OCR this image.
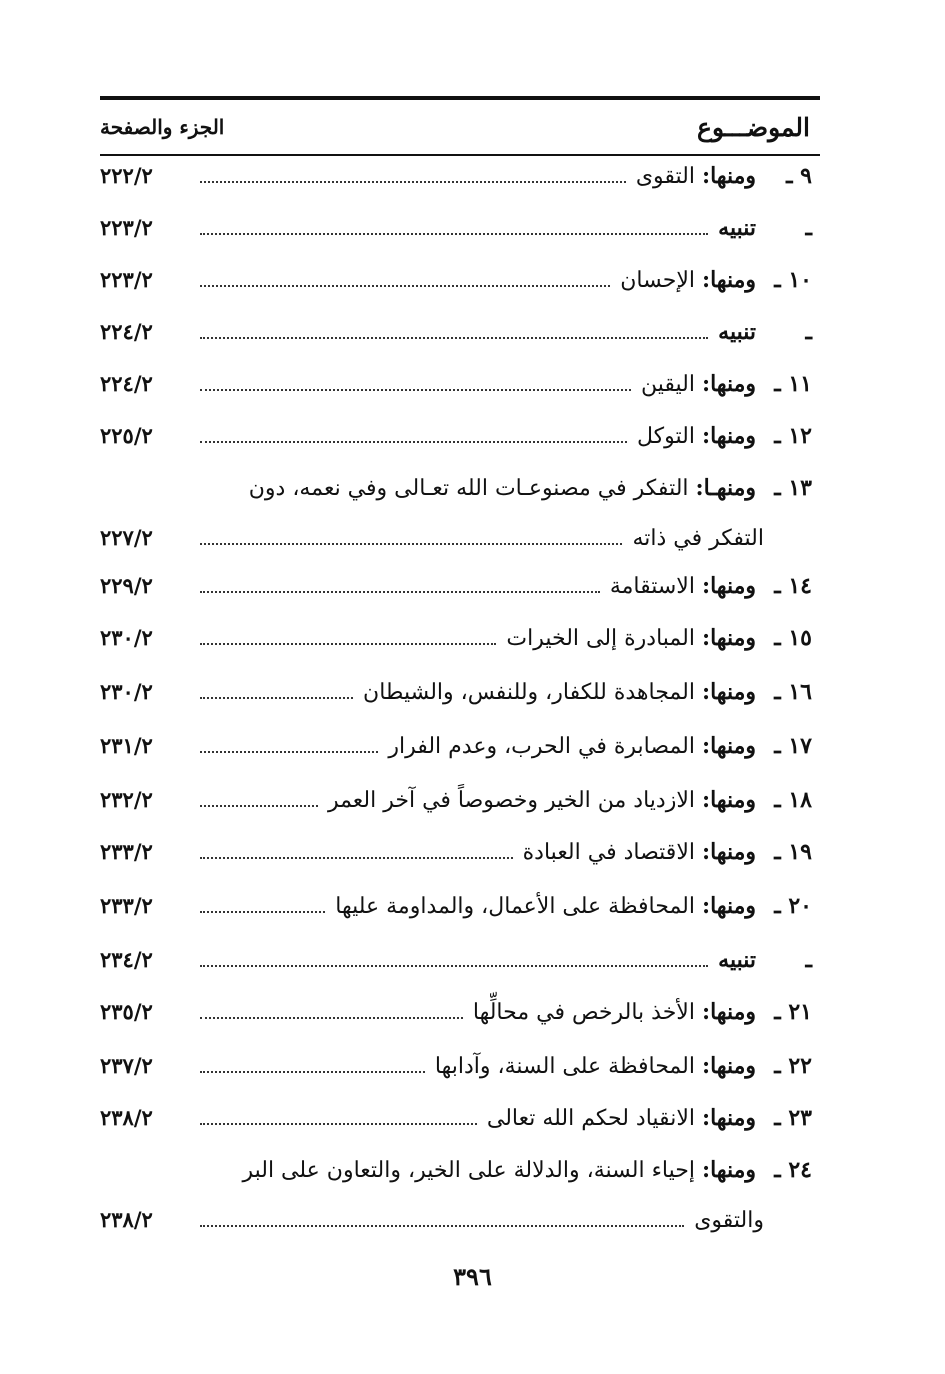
الموضـــوع
الجزء والصفحة
٩ ـ
ومنها: التقوى
٢٢٢/٢
ـ
تنبيه
٢٢٣/٢
١٠ ـ
ومنها: الإحسان
٢٢٣/٢
ـ
تنبيه
٢٢٤/٢
١١ ـ
ومنها: اليقين
٢٢٤/٢
١٢ ـ
ومنها: التوكل
٢٢٥/٢
١٣ ـومنهـا: التفكر في مصنوعـات الله تعـالى وفي نعمه، دون
التفكر في ذاته
٢٢٧/٢
١٤ ـ
ومنها: الاستقامة
٢٢٩/٢
١٥ ـ
ومنها: المبادرة إلى الخيرات
٢٣٠/٢
١٦ ـ
ومنها: المجاهدة للكفار، وللنفس، والشيطان
٢٣٠/٢
١٧ ـ
ومنها: المصابرة في الحرب، وعدم الفرار
٢٣١/٢
١٨ ـ
ومنها: الازدياد من الخير وخصوصاً في آخر العمر
٢٣٢/٢
١٩ ـ
ومنها: الاقتصاد في العبادة
٢٣٣/٢
٢٠ ـ
ومنها: المحافظة على الأعمال، والمداومة عليها
٢٣٣/٢
ـ
تنبيه
٢٣٤/٢
٢١ ـ
ومنها: الأخذ بالرخص في محالِّها
٢٣٥/٢
٢٢ ـ
ومنها: المحافظة على السنة، وآدابها
٢٣٧/٢
٢٣ ـ
ومنها: الانقياد لحكم الله تعالى
٢٣٨/٢
٢٤ ـومنها: إحياء السنة، والدلالة على الخير، والتعاون على البر
والتقوى
٢٣٨/٢
٣٩٦
